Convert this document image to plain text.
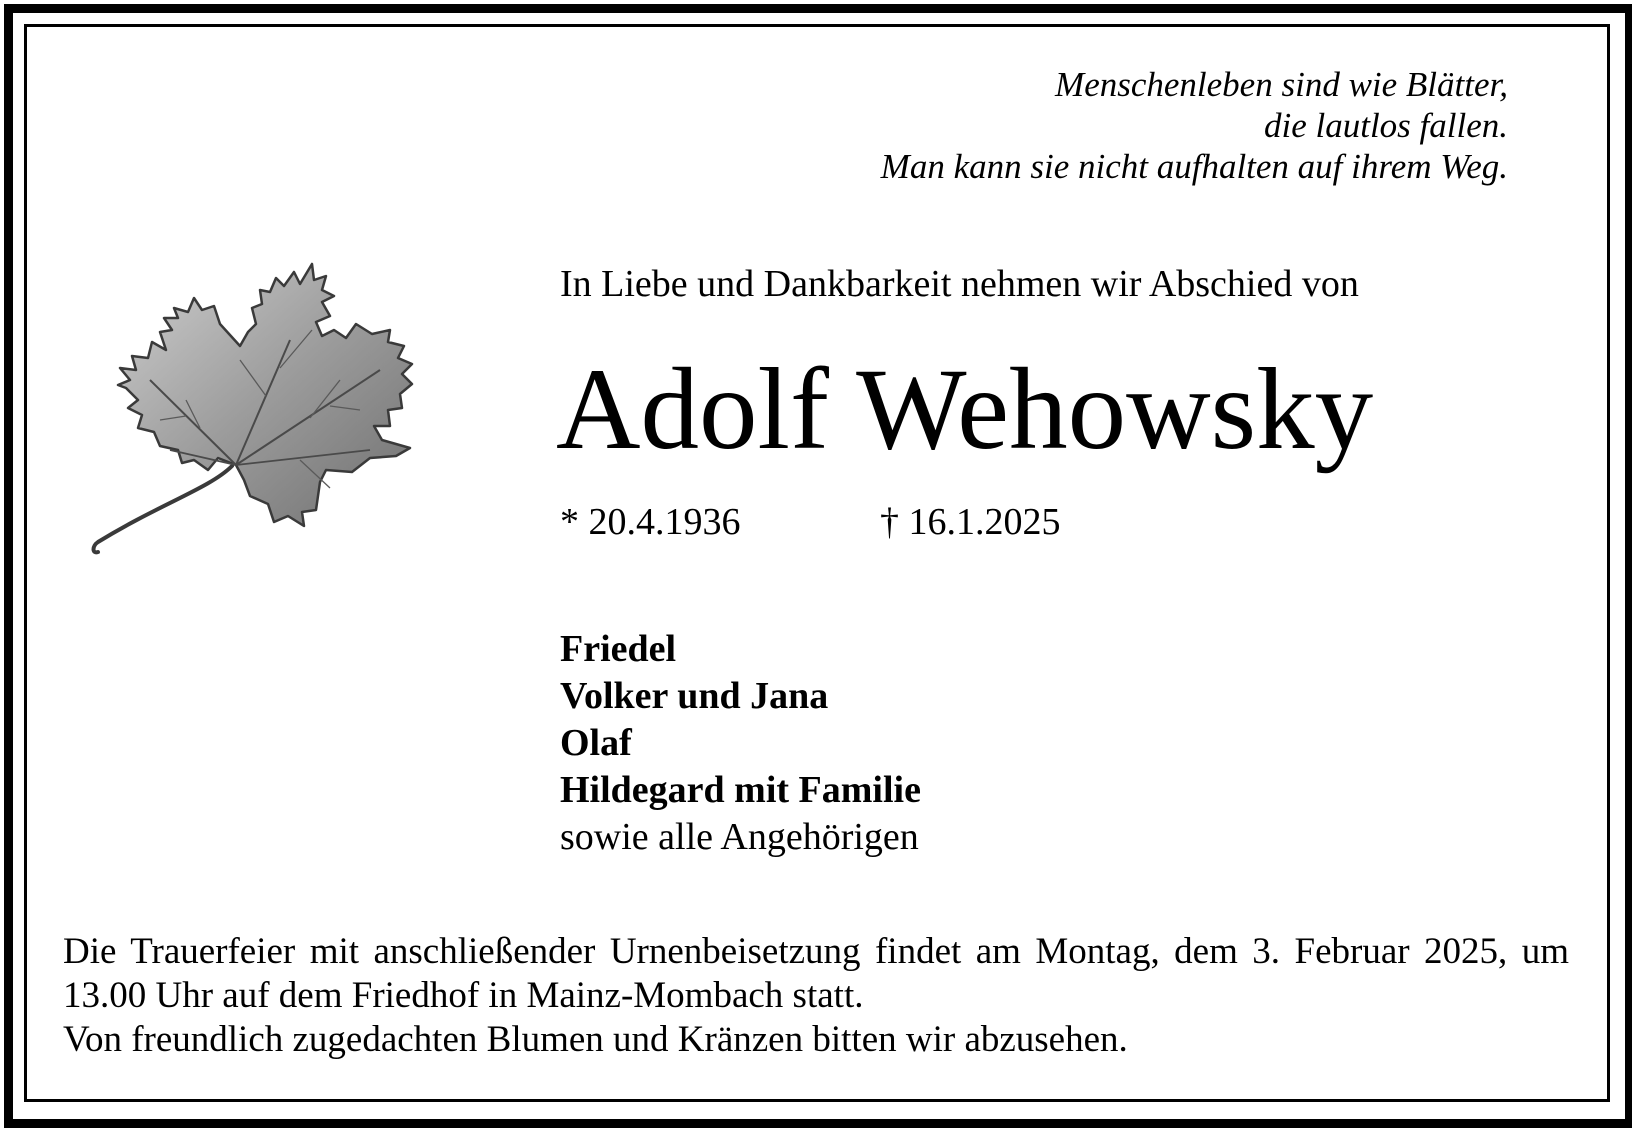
Menschenleben sind wie Blätter,
die lautlos fallen.
Man kann sie nicht aufhalten auf ihrem Weg.
In Liebe und Dankbarkeit nehmen wir Abschied von
Adolf Wehowsky
* 20.4.1936	† 16.1.2025
Friedel
Volker und Jana
Olaf
Hildegard mit Familie
sowie alle Angehörigen
Die Trauerfeier mit anschließender Urnenbeisetzung findet am Montag, dem 3. Februar 2025, um 13.00 Uhr auf dem Friedhof in Mainz-Mombach statt.
Von freundlich zugedachten Blumen und Kränzen bitten wir abzusehen.
